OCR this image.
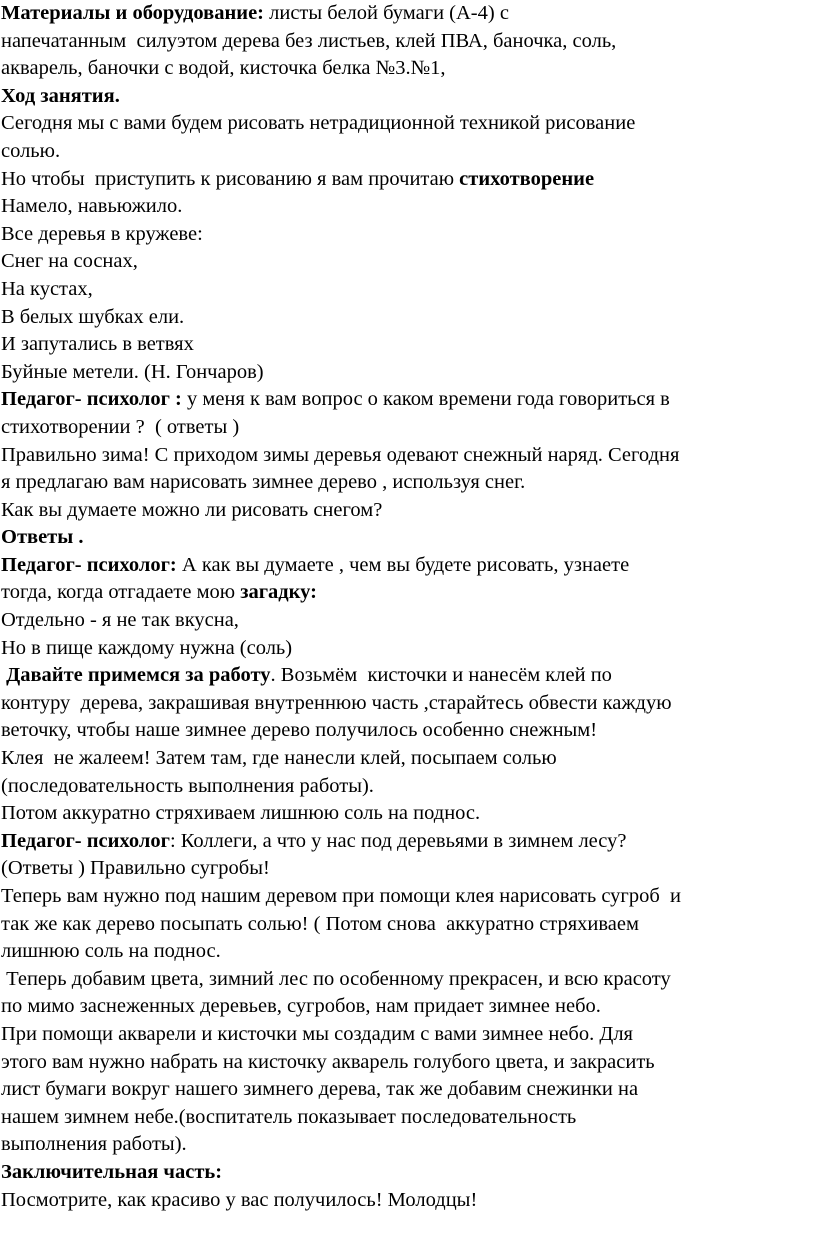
Материалы и оборудование: листы белой бумаги (А-4) с
напечатанным  силуэтом дерева без листьев, клей ПВА, баночка, соль,
акварель, баночки с водой, кисточка белка №3.№1,
Ход занятия.
Сегодня мы с вами будем рисовать нетрадиционной техникой рисование
солью.
Но чтобы  приступить к рисованию я вам прочитаю стихотворение
Намело, навьюжило.
Все деревья в кружеве:
Снег на соснах,
На кустах,
В белых шубках ели.
И запутались в ветвях
Буйные метели. (Н. Гончаров)
Педагог- психолог : у меня к вам вопрос о каком времени года говориться в
стихотворении ?  ( ответы )
Правильно зима! С приходом зимы деревья одевают снежный наряд. Сегодня
я предлагаю вам нарисовать зимнее дерево , используя снег.
Как вы думаете можно ли рисовать снегом?
Ответы .
Педагог- психолог: А как вы думаете , чем вы будете рисовать, узнаете
тогда, когда отгадаете мою загадку:
Отдельно - я не так вкусна,
Но в пище каждому нужна (соль)
Давайте примемся за работу. Возьмём  кисточки и нанесём клей по
контуру  дерева, закрашивая внутреннюю часть ,старайтесь обвести каждую
веточку, чтобы наше зимнее дерево получилось особенно снежным!
Клея  не жалеем! Затем там, где нанесли клей, посыпаем солью
(последовательность выполнения работы).
Потом аккуратно стряхиваем лишнюю соль на поднос.
Педагог- психолог: Коллеги, а что у нас под деревьями в зимнем лесу?
(Ответы ) Правильно сугробы!
Теперь вам нужно под нашим деревом при помощи клея нарисовать сугроб  и
так же как дерево посыпать солью! ( Потом снова  аккуратно стряхиваем
лишнюю соль на поднос.
Теперь добавим цвета, зимний лес по особенному прекрасен, и всю красоту
по мимо заснеженных деревьев, сугробов, нам придает зимнее небо.
При помощи акварели и кисточки мы создадим с вами зимнее небо. Для
этого вам нужно набрать на кисточку акварель голубого цвета, и закрасить
лист бумаги вокруг нашего зимнего дерева, так же добавим снежинки на
нашем зимнем небе.(воспитатель показывает последовательность
выполнения работы).
Заключительная часть:
Посмотрите, как красиво у вас получилось! Молодцы!
